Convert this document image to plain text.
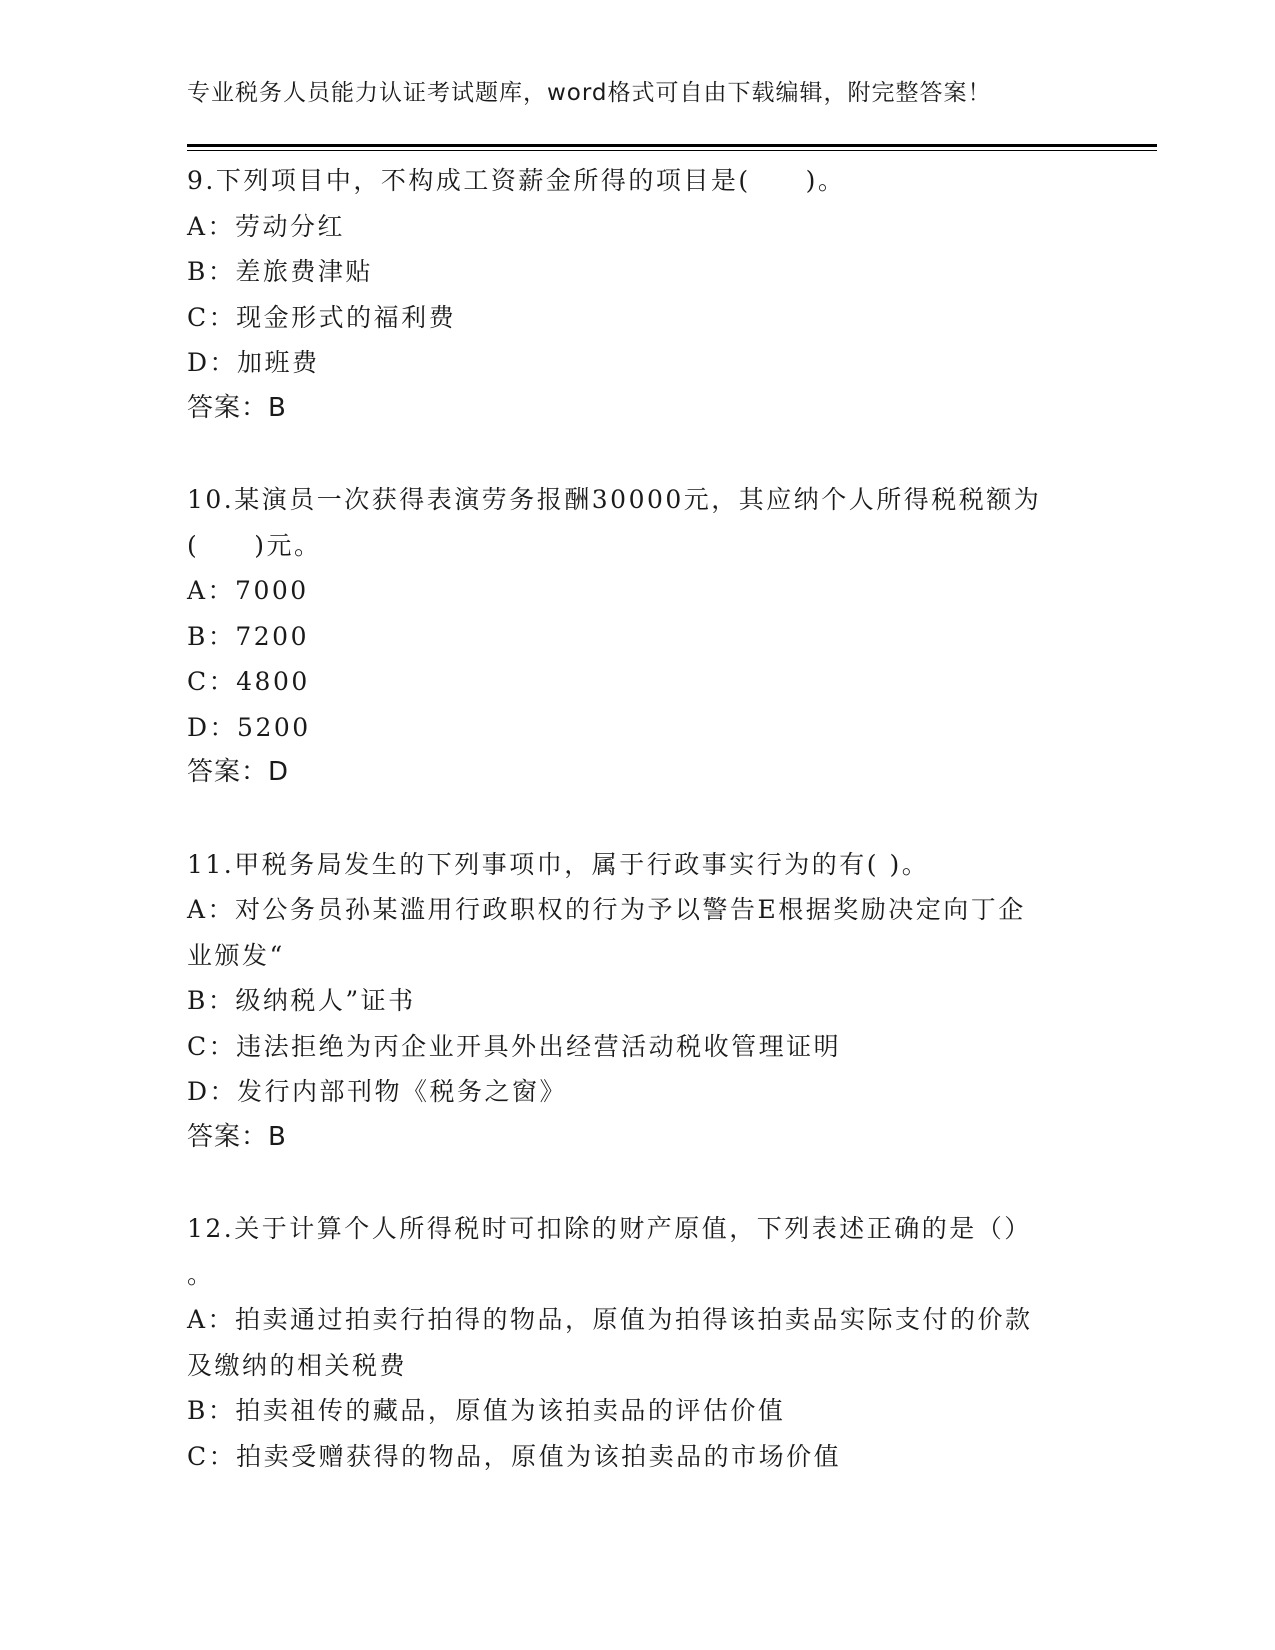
专业税务人员能力认证考试题库，word格式可自由下载编辑，附完整答案！
9.下列项目中，不构成工资薪金所得的项目是(　　)。
A：劳动分红
B：差旅费津贴
C：现金形式的福利费
D：加班费
答案：B
10.某演员一次获得表演劳务报酬30000元，其应纳个人所得税税额为
(　　)元。
A：7000
B：7200
C：4800
D：5200
答案：D
11.甲税务局发生的下列事项巾，属于行政事实行为的有( )。
A：对公务员孙某滥用行政职权的行为予以警告E根据奖励决定向丁企
业颁发“
B：级纳税人”证书
C：违法拒绝为丙企业开具外出经营活动税收管理证明
D：发行内部刊物《税务之窗》
答案：B
12.关于计算个人所得税时可扣除的财产原值，下列表述正确的是（）
。
A：拍卖通过拍卖行拍得的物品，原值为拍得该拍卖品实际支付的价款
及缴纳的相关税费
B：拍卖祖传的藏品，原值为该拍卖品的评估价值
C：拍卖受赠获得的物品，原值为该拍卖品的市场价值
